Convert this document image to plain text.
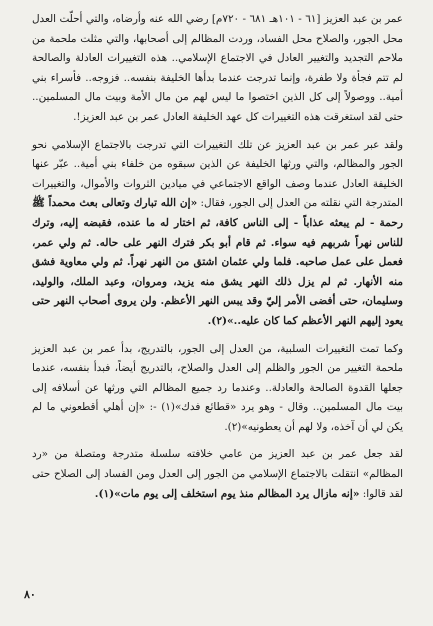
عمر بن عبد العزيز [٦١ - ١٠١هـ ٦٨١ - ٧٢٠م] رضي الله عنه وأرضاه، والتي أحلّت العدل محل الجور، والصلاح محل الفساد، وردت المظالم إلى أصحابها، والتي مثلت ملحمة من ملاحم التجديد والتغيير العادل في الاجتماع الإسلامي.. هذه التغييرات العادلة والصالحة لم تتم فجأة ولا طفرة، وإنما تدرجت عندما بدأها الخليفة بنفسه.. فزوجه.. فأسراء بني أمية.. ووصولاً إلى كل الذين اختصوا ما ليس لهم من مال الأمة وبيت مال المسلمين.. حتى لقد استغرقت هذه التغييرات كل عهد الخليفة العادل عمر بن عبد العزيز!.

ولقد عبر عمر بن عبد العزيز عن تلك التغييرات التي تدرجت بالاجتماع الإسلامي نحو الجور والمظالم، والتي ورثها الخليفة عن الذين سبقوه من خلفاء بني أمية.. عبّر عنها الخليفة العادل عندما وصف الواقع الاجتماعي في ميادين الثروات والأموال، والتغييرات المتدرجة التي نقلته من العدل إلى الجور، فقال: «إن الله تبارك وتعالى بعث محمداً ﷺ رحمة - لم يبعثه عذاباً - إلى الناس كافة، ثم اختار له ما عنده، فقبضه إليه، وترك للناس نهراً شربهم فيه سواء. ثم قام أبو بكر فترك النهر على حاله. ثم ولي عمر، فعمل على عمل صاحبه. فلما ولي عثمان اشتق من النهر نهراً. ثم ولي معاوية فشق منه الأنهار. ثم لم يزل ذلك النهر يشق منه يزيد، ومروان، وعبد الملك، والوليد، وسليمان، حتى أفضى الأمر إليّ وقد يبس النهر الأعظم. ولن يروى أصحاب النهر حتى يعود إليهم النهر الأعظم كما كان عليه..»(٢).

وكما تمت التغييرات السلبية، من العدل إلى الجور، بالتدريج، بدأ عمر بن عبد العزيز ملحمة التغيير من الجور والظلم إلى العدل والصلاح، بالتدريج أيضاً، فبدأ بنفسه، عندما جعلها القدوة الصالحة والعادلة.. وعندما رد جميع المظالم التي ورثها عن أسلافه إلى بيت مال المسلمين.. وقال - وهو يرد «قطائع فدك»(١) -: «إن أهلي أقطعوني ما لم يكن لي أن آخذه، ولا لهم أن يعطونيه»(٢).

لقد جعل عمر بن عبد العزيز من عامي خلافته سلسلة متدرجة ومتصلة من «رد المظالم» انتقلت بالاجتماع الإسلامي من الجور إلى العدل ومن الفساد إلى الصلاح حتى لقد قالوا: «إنه مازال يرد المظالم منذ يوم استخلف إلى يوم مات»(١).

٨٠
